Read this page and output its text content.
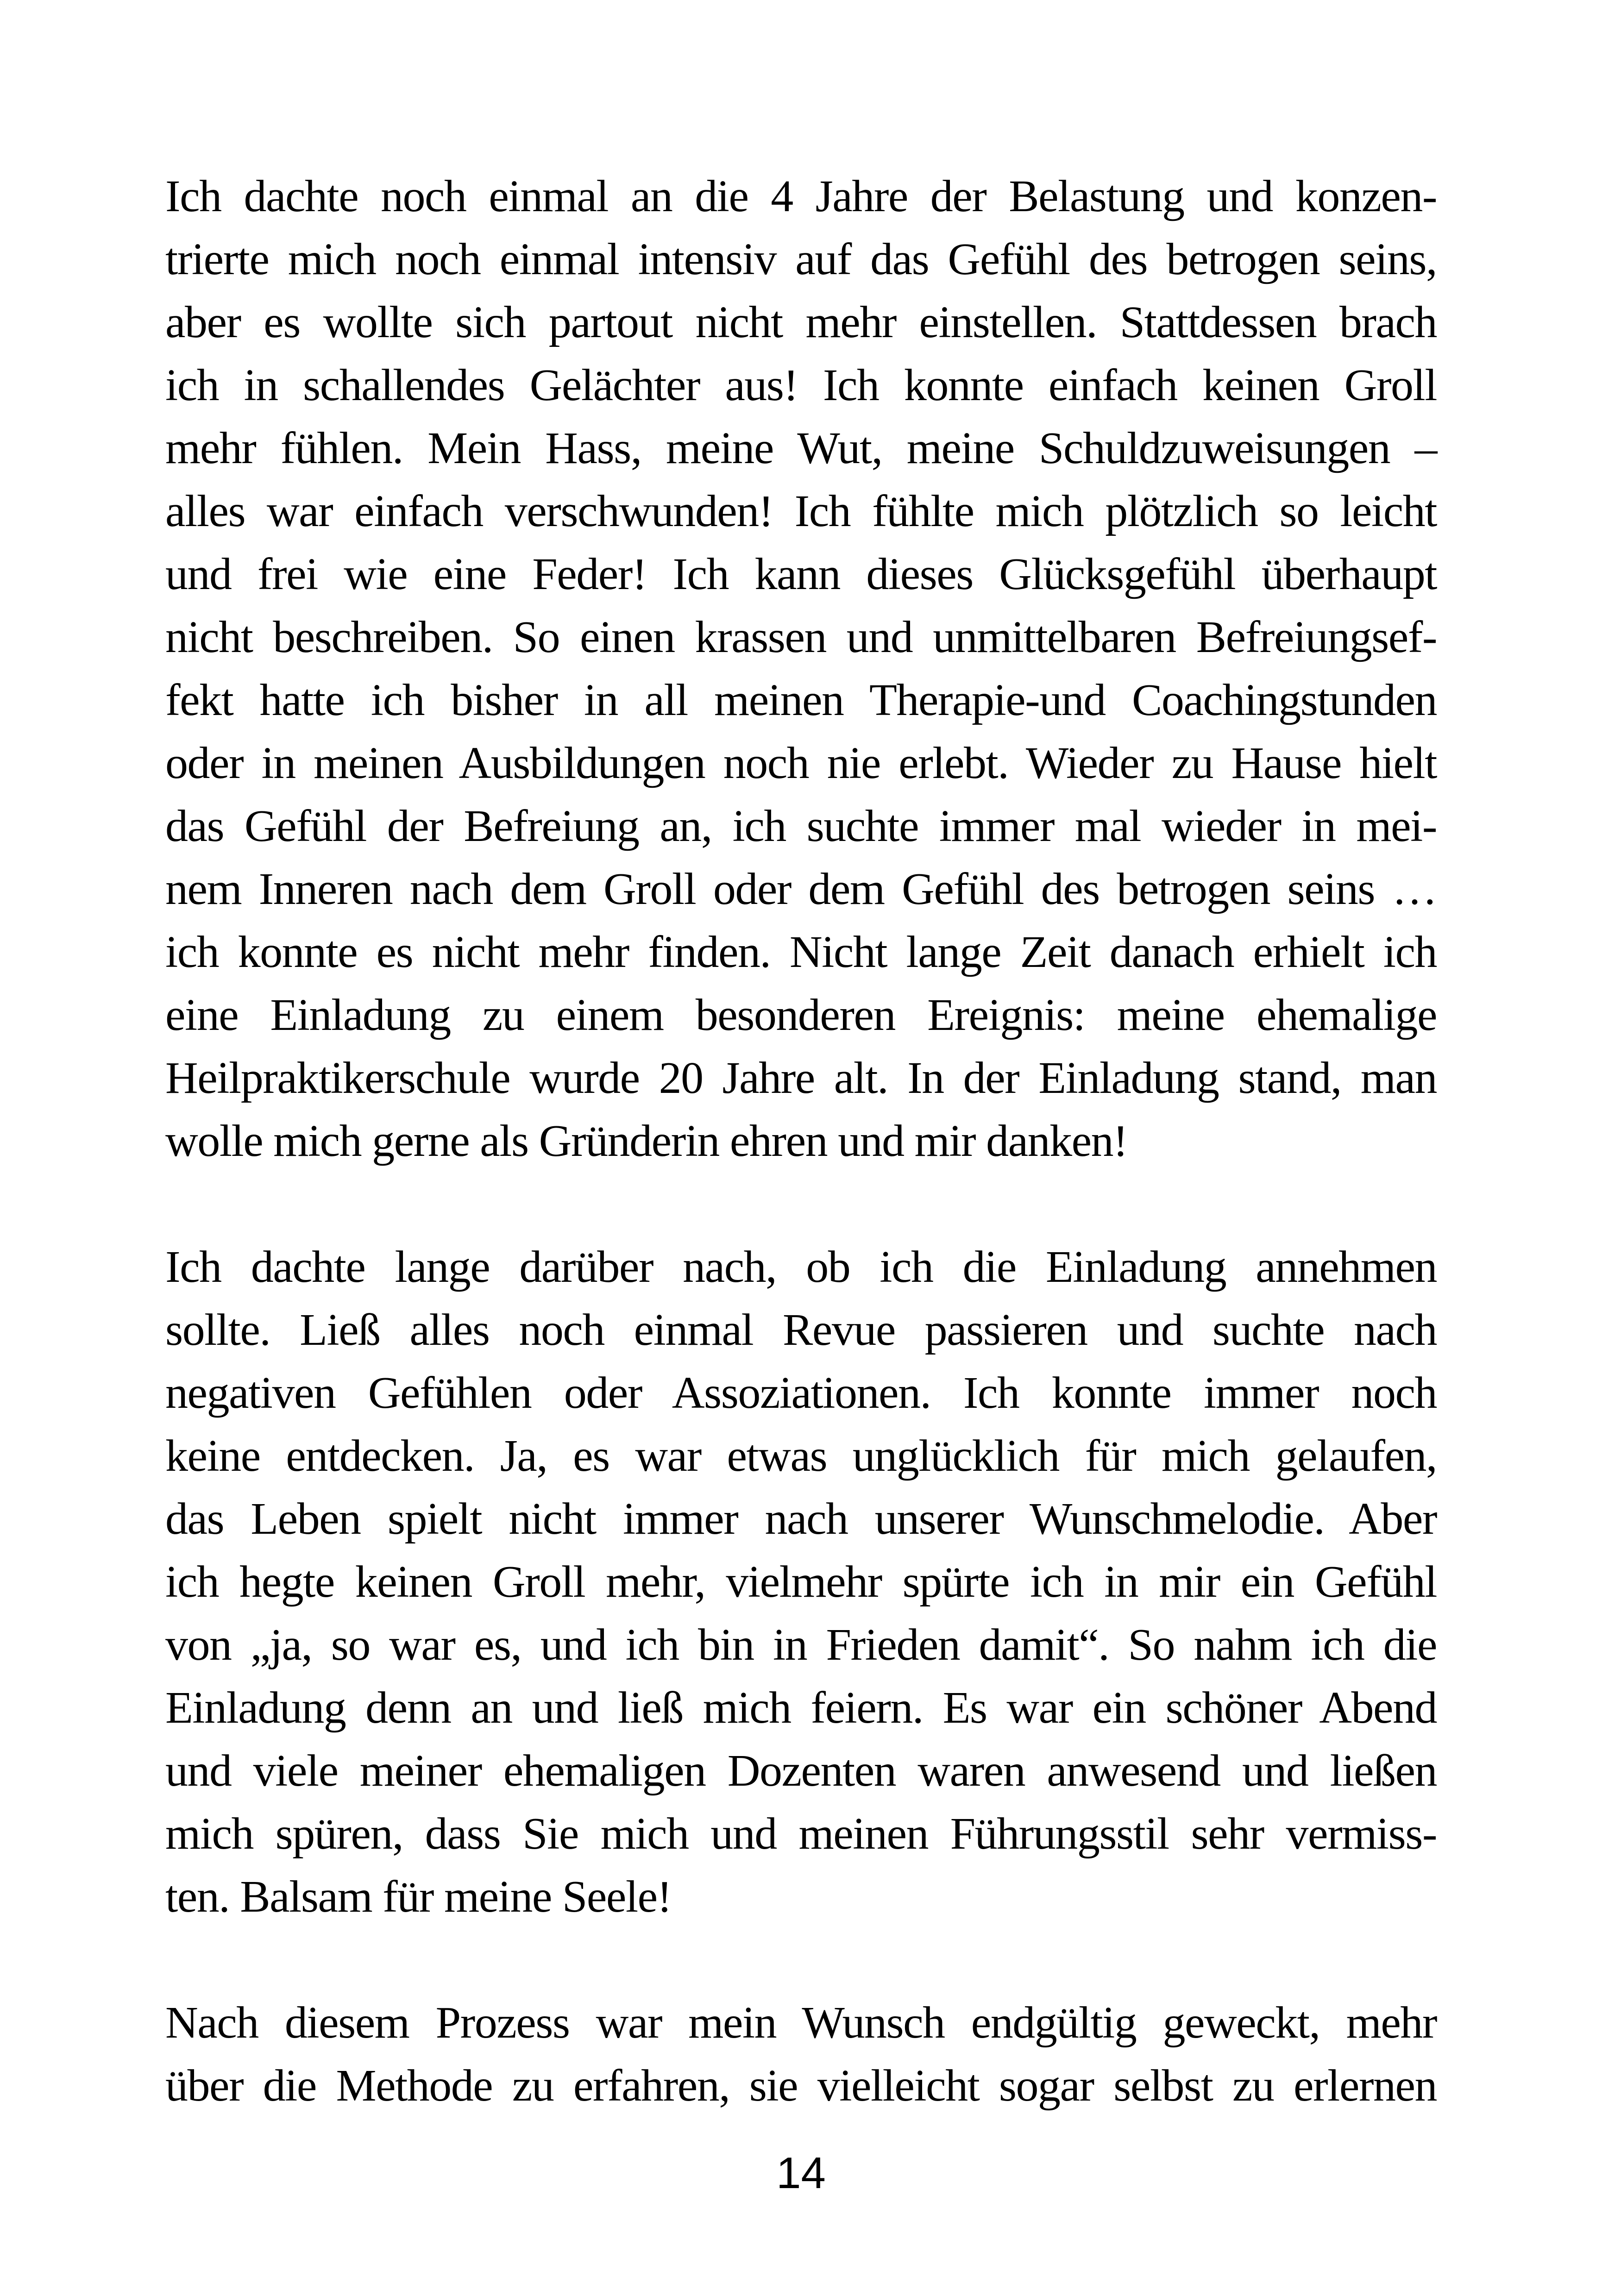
Ich dachte noch einmal an die 4 Jahre der Belastung und konzen-
trierte mich noch einmal intensiv auf das Gefühl des betrogen seins,
aber es wollte sich partout nicht mehr einstellen. Stattdessen brach
ich in schallendes Gelächter aus! Ich konnte einfach keinen Groll
mehr fühlen. Mein Hass, meine Wut, meine Schuldzuweisungen –
alles war einfach verschwunden! Ich fühlte mich plötzlich so leicht
und frei wie eine Feder! Ich kann dieses Glücksgefühl überhaupt
nicht beschreiben. So einen krassen und unmittelbaren Befreiungsef-
fekt hatte ich bisher in all meinen Therapie-und Coachingstunden
oder in meinen Ausbildungen noch nie erlebt. Wieder zu Hause hielt
das Gefühl der Befreiung an, ich suchte immer mal wieder in mei-
nem Inneren nach dem Groll oder dem Gefühl des betrogen seins …
ich konnte es nicht mehr finden. Nicht lange Zeit danach erhielt ich
eine Einladung zu einem besonderen Ereignis: meine ehemalige
Heilpraktikerschule wurde 20 Jahre alt. In der Einladung stand, man
wolle mich gerne als Gründerin ehren und mir danken!

Ich dachte lange darüber nach, ob ich die Einladung annehmen
sollte. Ließ alles noch einmal Revue passieren und suchte nach
negativen Gefühlen oder Assoziationen. Ich konnte immer noch
keine entdecken. Ja, es war etwas unglücklich für mich gelaufen,
das Leben spielt nicht immer nach unserer Wunschmelodie. Aber
ich hegte keinen Groll mehr, vielmehr spürte ich in mir ein Gefühl
von „ja, so war es, und ich bin in Frieden damit“. So nahm ich die
Einladung denn an und ließ mich feiern. Es war ein schöner Abend
und viele meiner ehemaligen Dozenten waren anwesend und ließen
mich spüren, dass Sie mich und meinen Führungsstil sehr vermiss-
ten. Balsam für meine Seele!

Nach diesem Prozess war mein Wunsch endgültig geweckt, mehr
über die Methode zu erfahren, sie vielleicht sogar selbst zu erlernen

14
